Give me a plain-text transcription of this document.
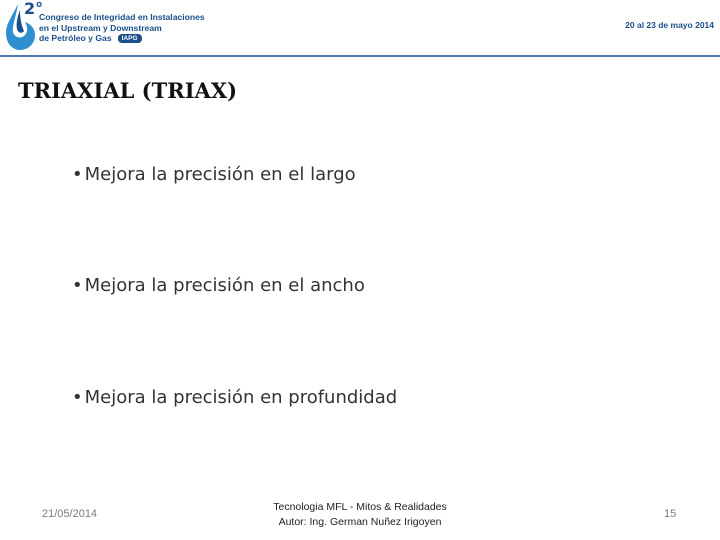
2°
Congreso de Integridad en Instalaciones
en el Upstream y Downstream
de Petróleo y Gas IAPG
20 al 23 de mayo 2014
TRIAXIAL (TRIAX)
• Mejora la precisión en el largo
• Mejora la precisión en el ancho
• Mejora la precisión en profundidad
21/05/2014
Tecnologia MFL - Mitos & Realidades
Autor: Ing. German Nuñez Irigoyen
15
